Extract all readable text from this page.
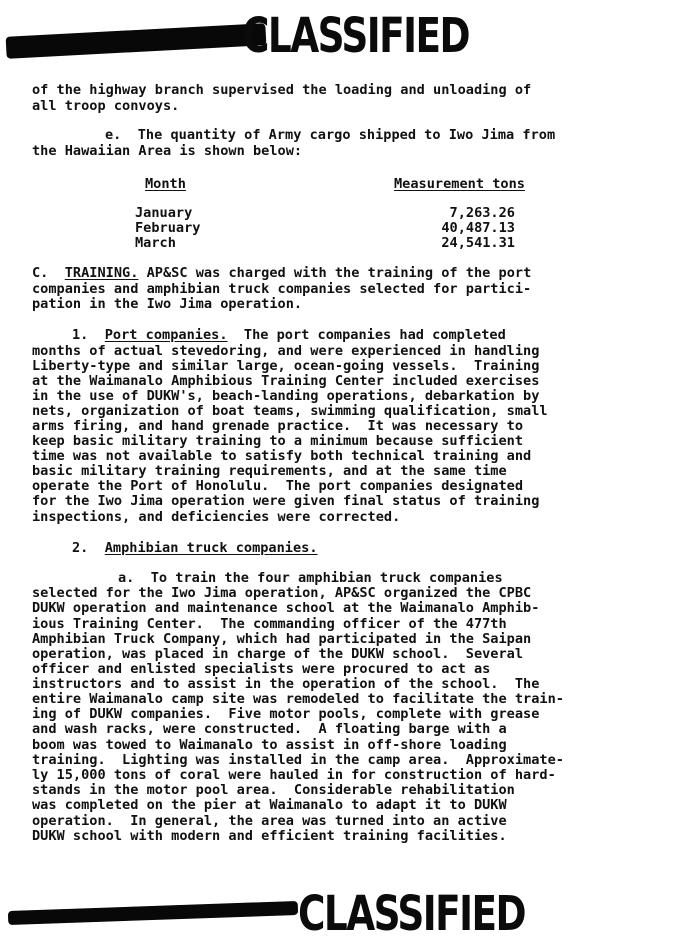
CLASSIFIED
of the highway branch supervised the loading and unloading of
all troop convoys.
e.  The quantity of Army cargo shipped to Iwo Jima from
the Hawaiian Area is shown below:
Month	Measurement tons
January	7,263.26
February	40,487.13
March	24,541.31
C. TRAINING. AP&SC was charged with the training of the port
companies and amphibian truck companies selected for partici-
pation in the Iwo Jima operation.
1. Port companies.  The port companies had completed
months of actual stevedoring, and were experienced in handling
Liberty-type and similar large, ocean-going vessels.  Training
at the Waimanalo Amphibious Training Center included exercises
in the use of DUKW's, beach-landing operations, debarkation by
nets, organization of boat teams, swimming qualification, small
arms firing, and hand grenade practice.  It was necessary to
keep basic military training to a minimum because sufficient
time was not available to satisfy both technical training and
basic military training requirements, and at the same time
operate the Port of Honolulu.  The port companies designated
for the Iwo Jima operation were given final status of training
inspections, and deficiencies were corrected.
2. Amphibian truck companies.
a.  To train the four amphibian truck companies
selected for the Iwo Jima operation, AP&SC organized the CPBC
DUKW operation and maintenance school at the Waimanalo Amphib-
ious Training Center.  The commanding officer of the 477th
Amphibian Truck Company, which had participated in the Saipan
operation, was placed in charge of the DUKW school.  Several
officer and enlisted specialists were procured to act as
instructors and to assist in the operation of the school.  The
entire Waimanalo camp site was remodeled to facilitate the train-
ing of DUKW companies.  Five motor pools, complete with grease
and wash racks, were constructed.  A floating barge with a
boom was towed to Waimanalo to assist in off-shore loading
training.  Lighting was installed in the camp area.  Approximate-
ly 15,000 tons of coral were hauled in for construction of hard-
stands in the motor pool area.  Considerable rehabilitation
was completed on the pier at Waimanalo to adapt it to DUKW
operation.  In general, the area was turned into an active
DUKW school with modern and efficient training facilities.
CLASSIFIED
